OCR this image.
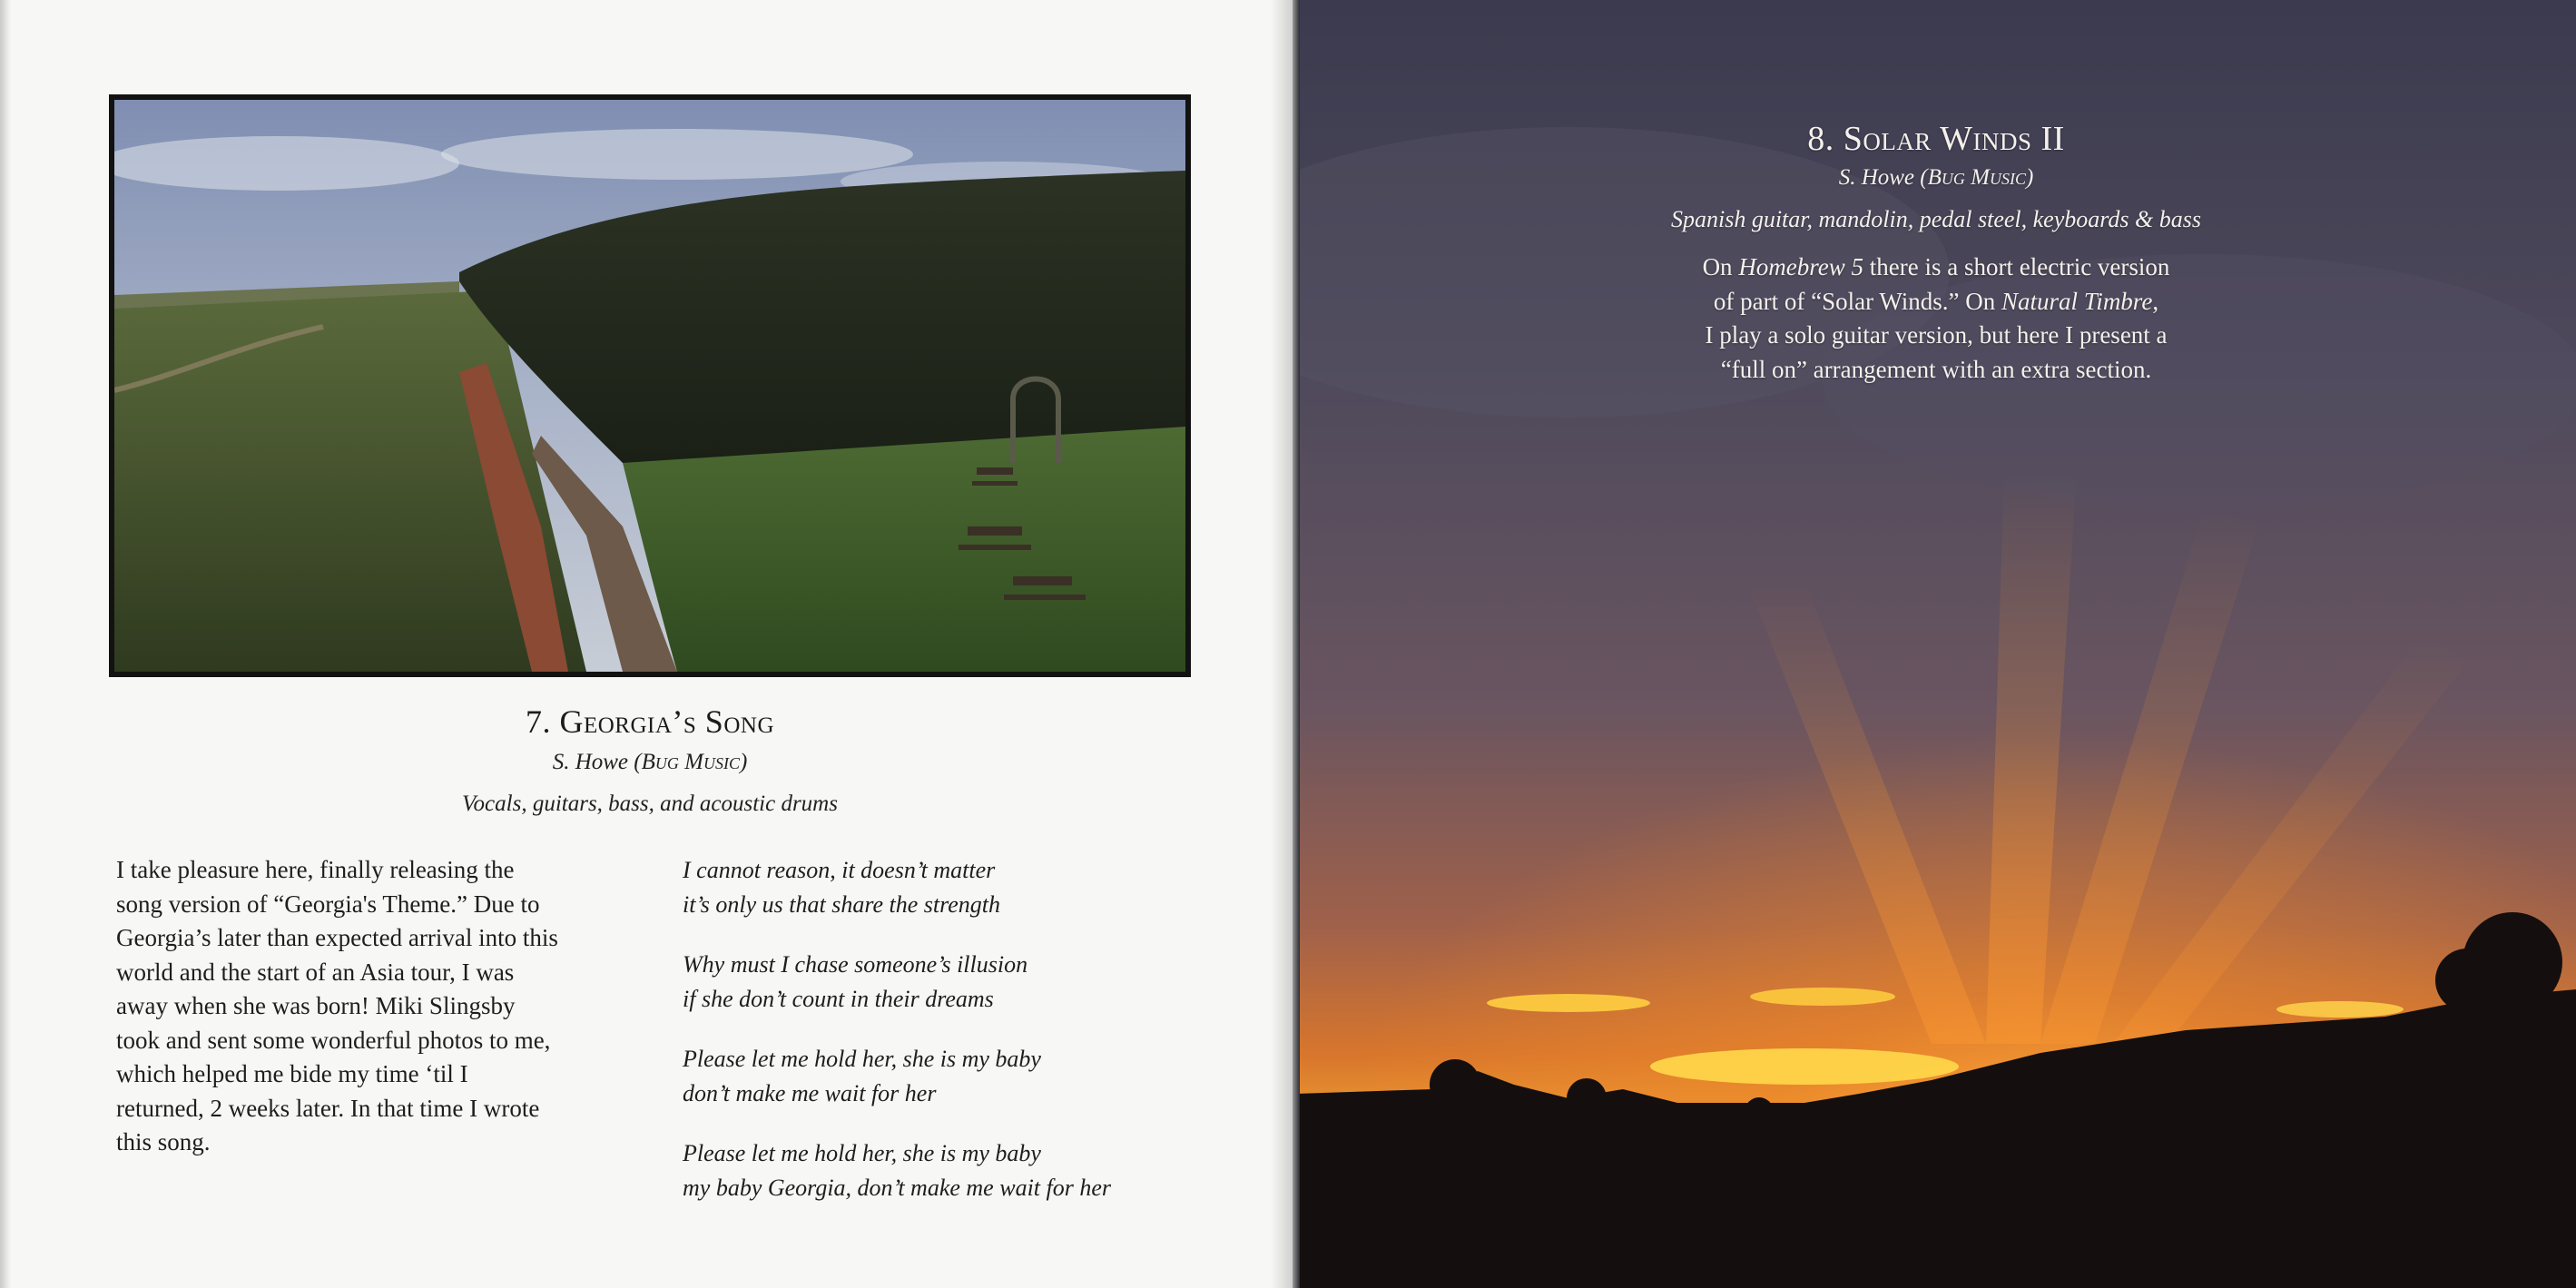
7. Georgia’s Song
S. Howe (Bug Music)
Vocals, guitars, bass, and acoustic drums
I take pleasure here, finally releasing the
song version of “Georgia's Theme.” Due to
Georgia’s later than expected arrival into this
world and the start of an Asia tour, I was
away when she was born! Miki Slingsby
took and sent some wonderful photos to me,
which helped me bide my time ‘til I
returned, 2 weeks later. In that time I wrote
this song.
I cannot reason, it doesn’t matter
it’s only us that share the strength
Why must I chase someone’s illusion
if she don’t count in their dreams
Please let me hold her, she is my baby
don’t make me wait for her
Please let me hold her, she is my baby
my baby Georgia, don’t make me wait for her
8. Solar Winds II
S. Howe (Bug Music)
Spanish guitar, mandolin, pedal steel, keyboards & bass
On Homebrew 5 there is a short electric version
of part of “Solar Winds.” On Natural Timbre,
I play a solo guitar version, but here I present a
“full on” arrangement with an extra section.
